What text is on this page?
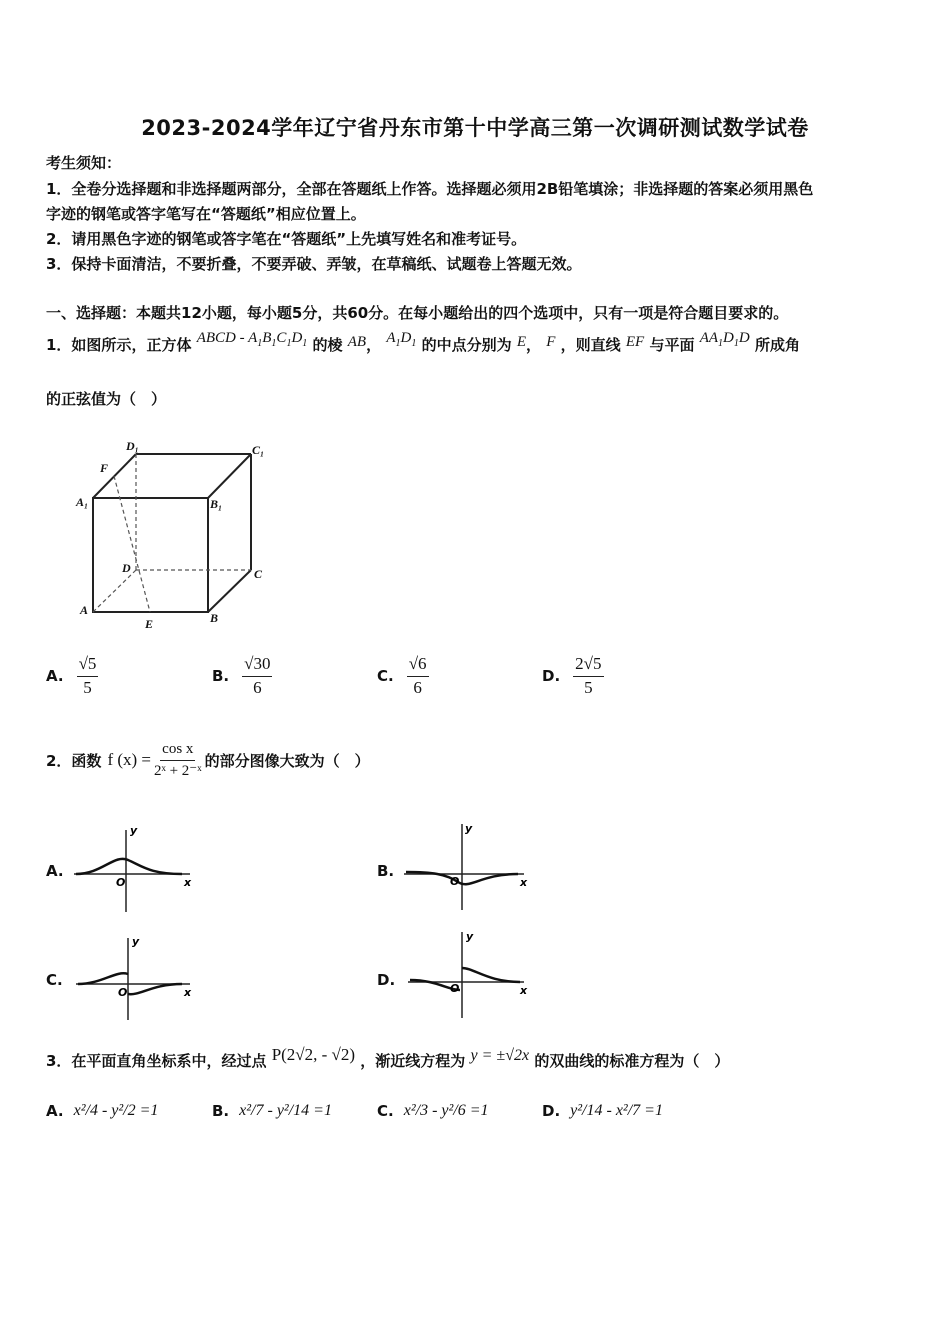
2023-2024学年辽宁省丹东市第十中学高三第一次调研测试数学试卷
考生须知：
1．全卷分选择题和非选择题两部分，全部在答题纸上作答。选择题必须用2B铅笔填涂；非选择题的答案必须用黑色
字迹的钢笔或答字笔写在“答题纸”相应位置上。
2．请用黑色字迹的钢笔或答字笔在“答题纸”上先填写姓名和准考证号。
3．保持卡面清洁，不要折叠，不要弄破、弄皱，在草稿纸、试题卷上答题无效。
一、选择题：本题共12小题，每小题5分，共60分。在每小题给出的四个选项中，只有一项是符合题目要求的。
1．如图所示，正方体 ABCD - $A_1B_1C_1D_1$ 的棱 AB， $A_1D_1$ 的中点分别为 E， F ，则直线 EF 与平面 $AA_1D_1D$ 所成角
的正弦值为（　）
D₁	C₁
F
A₁	B₁
D	C
A
E	B
A. $\frac{√5}{5}$	B. $\frac{√30}{6}$	C. $\frac{√6}{6}$	D. $\frac{2√5}{5}$
2．函数 f $(x) = \frac{\text{cos x}}{\text{2ˣ + 2⁻ˣ}}$ 的部分图像大致为（　）
A.
x
y
O
B.
x
y
O
C.
x
y
O
D.
x
y
O
3．在平面直角坐标系中，经过点 P(2√2, - √2) ，渐近线方程为 y = ±√2x 的双曲线的标准方程为（　）
A. x²/4 - y²/2 =1	B. x²/7 - y²/14 =1	C. x²/3 - y²/6 =1	D. y²/14 - x²/7 =1
